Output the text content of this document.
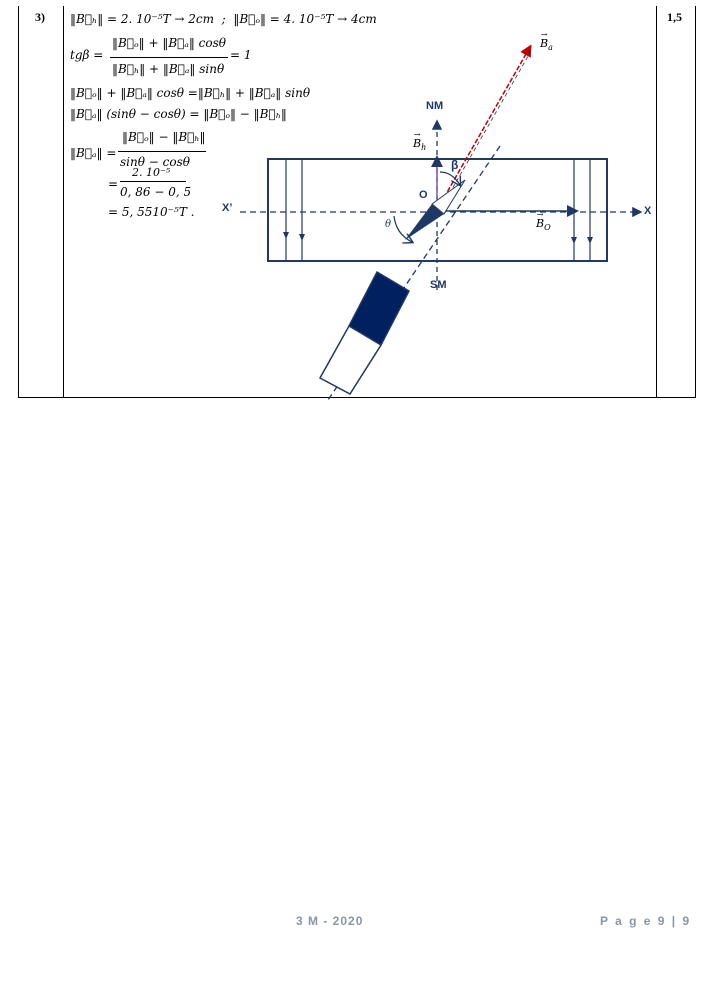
3)	1,5
‖B⃗ₕ‖ = 2. 10⁻⁵T → 2cm ; ‖B⃗ₒ‖ = 4. 10⁻⁵T → 4cm
tgβ =
‖B⃗ₒ‖ + ‖B⃗ₐ‖ cosθ
‖B⃗ₕ‖ + ‖B⃗ₐ‖ sinθ
= 1
‖B⃗ₒ‖ + ‖B⃗ₐ‖ cosθ =‖B⃗ₕ‖ + ‖B⃗ₐ‖ sinθ
‖B⃗ₐ‖ (sinθ − cosθ) = ‖B⃗ₒ‖ − ‖B⃗ₕ‖
‖B⃗ₐ‖ =
‖B⃗ₒ‖ − ‖B⃗ₕ‖
sinθ − cosθ
2. 10⁻⁵
=
0, 86 − 0, 5
= 5, 5510⁻⁵T .
NM
SM
X
X’
O
β
θ
→ $B_h$
→ $B_a$
→ $B_O$
3 M - 2020	P a g e 9 | 9
